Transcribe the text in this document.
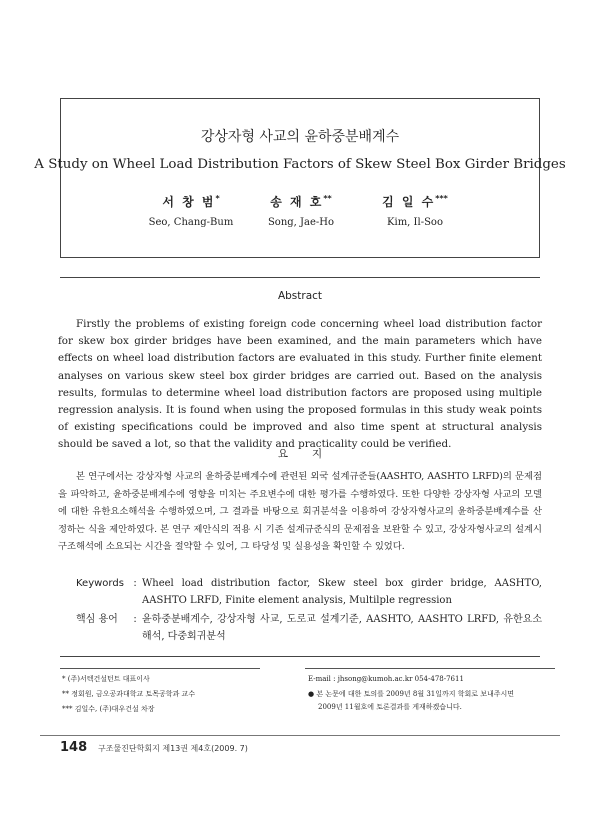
강상자형 사교의 윤하중분배계수
A Study on Wheel Load Distribution Factors of Skew Steel Box Girder Bridges
서 창 범*
Seo, Chang-Bum
송 재 호**
Song, Jae-Ho
김 일 수***
Kim, Il-Soo
Abstract

Firstly the problems of existing foreign code concerning wheel load distribution factor for skew box girder bridges have been examined, and the main parameters which have effects on wheel load distribution factors are evaluated in this study. Further finite element analyses on various skew steel box girder bridges are carried out. Based on the analysis results, formulas to determine wheel load distribution factors are proposed using multiple regression analysis. It is found when using the proposed formulas in this study weak points of existing specifications could be improved and also time spent at structural analysis should be saved a lot, so that the validity and practicality could be verified.

요지

본 연구에서는 강상자형 사교의 윤하중분배계수에 관련된 외국 설계규준들(AASHTO, AASHTO LRFD)의 문제점을 파악하고, 윤하중분배계수에 영향을 미치는 주요변수에 대한 평가를 수행하였다. 또한 다양한 강상자형 사교의 모델에 대한 유한요소해석을 수행하였으며, 그 결과를 바탕으로 회귀분석을 이용하여 강상자형사교의 윤하중분배계수를 산정하는 식을 제안하였다. 본 연구 제안식의 적용 시 기존 설계규준식의 문제점을 보완할 수 있고, 강상자형사교의 설계시 구조해석에 소요되는 시간을 절약할 수 있어, 그 타당성 및 실용성을 확인할 수 있었다.

Keywords : Wheel load distribution factor, Skew steel box girder bridge, AASHTO, AASHTO LRFD, Finite element analysis, Multilple regression
핵심 용어	: 윤하중분배계수, 강상자형 사교, 도로교 설계기준, AASHTO, AASHTO LRFD, 유한요소해석, 다중회귀분석
* (주)서텍건설턴트 대표이사
** 정회원, 금오공과대학교 토목공학과 교수
*** 김일수, (주)대우건설 차장
E-mail : jhsong@kumoh.ac.kr 054-478-7611
● 본 논문에 대한 토의를 2009년 8월 31일까지 학회로 보내주시면
2009년 11월호에 토론결과를 게재하겠습니다.
148 구조물진단학회지 제13권 제4호(2009. 7)
